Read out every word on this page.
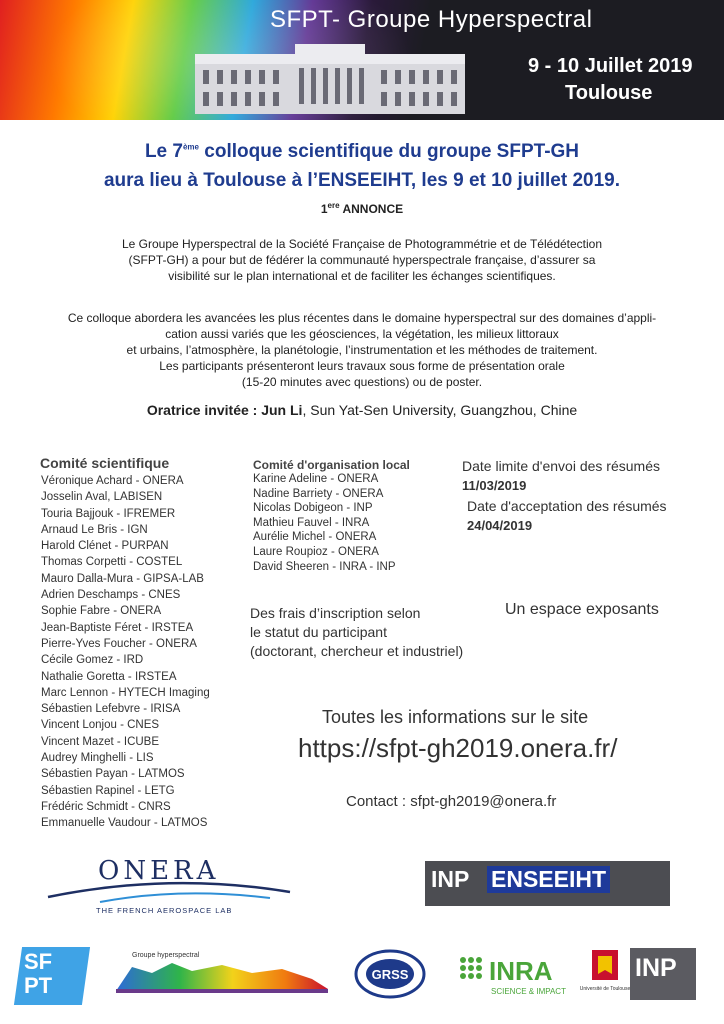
SFPT- Groupe Hyperspectral
9 - 10 Juillet 2019
Toulouse
Le 7ème colloque scientifique du groupe SFPT-GH
aura lieu à Toulouse à l’ENSEEIHT, les 9 et 10 juillet 2019.
1ere ANNONCE
Le Groupe Hyperspectral de la Société Française de Photogrammétrie et de Télédétection
(SFPT-GH) a pour but de fédérer la communauté hyperspectrale française, d’assurer sa
visibilité sur le plan international et de faciliter les échanges scientifiques.
Ce colloque abordera les avancées les plus récentes dans le domaine hyperspectral sur des domaines d’appli-
cation aussi variés que les géosciences, la végétation, les milieux littoraux
et urbains, l’atmosphère, la planétologie, l’instrumentation et les méthodes de traitement.
Les participants présenteront leurs travaux sous forme de présentation orale
(15-20 minutes avec questions) ou de poster.
Oratrice invitée : Jun Li, Sun Yat-Sen University, Guangzhou, Chine
Comité scientifique
Véronique Achard - ONERA
Josselin Aval, LABISEN
Touria Bajjouk - IFREMER
Arnaud Le Bris - IGN
Harold Clénet - PURPAN
Thomas Corpetti - COSTEL
Mauro Dalla-Mura - GIPSA-LAB
Adrien Deschamps - CNES
Sophie Fabre - ONERA
Jean-Baptiste Féret - IRSTEA
Pierre-Yves Foucher - ONERA
Cécile Gomez - IRD
Nathalie Goretta - IRSTEA
Marc Lennon - HYTECH Imaging
Sébastien Lefebvre - IRISA
Vincent Lonjou - CNES
Vincent Mazet - ICUBE
Audrey Minghelli - LIS
Sébastien Payan - LATMOS
Sébastien Rapinel - LETG
Frédéric Schmidt - CNRS
Emmanuelle Vaudour - LATMOS
Comité d'organisation local
Karine Adeline - ONERA
Nadine Barriety - ONERA
Nicolas Dobigeon - INP
Mathieu Fauvel - INRA
Aurélie Michel - ONERA
Laure Roupioz - ONERA
David Sheeren - INRA - INP
Date limite d'envoi des résumés
11/03/2019
Date d'acceptation des résumés
24/04/2019
Des frais d’inscription selon
le statut du participant
(doctorant, chercheur et industriel)
Un espace exposants
Toutes les informations sur le site
https://sfpt-gh2019.onera.fr/
Contact : sfpt-gh2019@onera.fr
ONERA
THE FRENCH AEROSPACE LAB
INP ENSEEIHT
SF
PT
Groupe hyperspectral
GRSS	INRA
SCIENCE & IMPACT	Université de Toulouse
INP
